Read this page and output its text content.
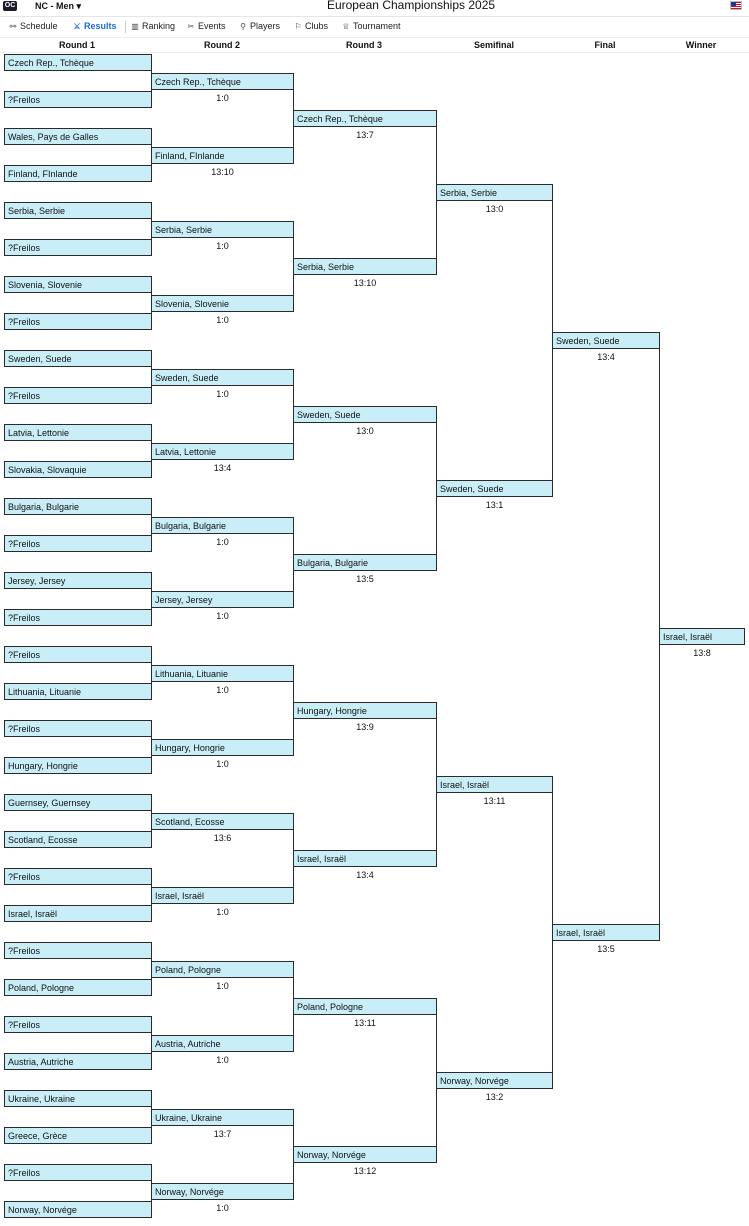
OC NC - Men ▾	European Championships 2025
⚯ Schedule ⚔ Results ▥ Ranking ✂ Events ⚲ Players ⚐ Clubs ♕ Tournament
Round 1	Round 2	Round 3	Semifinal	Final	Winner
Czech Rep., Tchèque
?Freilos
Wales, Pays de Galles
Finland, FInlande
Serbia, Serbie
?Freilos
Slovenia, Slovenie
?Freilos
Sweden, Suede
?Freilos
Latvia, Lettonie
Slovakia, Slovaquie
Bulgaria, Bulgarie
?Freilos
Jersey, Jersey
?Freilos
?Freilos
Lithuania, Lituanie
?Freilos
Hungary, Hongrie
Guernsey, Guernsey
Scotland, Ecosse
?Freilos
Israel, Israël
?Freilos
Poland, Pologne
?Freilos
Austria, Autriche
Ukraine, Ukraine
Greece, Grèce
?Freilos
Norway, Norvége
Czech Rep., Tchèque
1:0
Finland, FInlande
13:10
Serbia, Serbie
1:0
Slovenia, Slovenie
1:0
Sweden, Suede
1:0
Latvia, Lettonie
13:4
Bulgaria, Bulgarie
1:0
Jersey, Jersey
1:0
Lithuania, Lituanie
1:0
Hungary, Hongrie
1:0
Scotland, Ecosse
13:6
Israel, Israël
1:0
Poland, Pologne
1:0
Austria, Autriche
1:0
Ukraine, Ukraine
13:7
Norway, Norvége
1:0
Czech Rep., Tchèque
13:7
Serbia, Serbie
13:10
Sweden, Suede
13:0
Bulgaria, Bulgarie
13:5
Hungary, Hongrie
13:9
Israel, Israël
13:4
Poland, Pologne
13:11
Norway, Norvége
13:12
Serbia, Serbie
13:0
Sweden, Suede
13:1
Israel, Israël
13:11
Norway, Norvége
13:2
Sweden, Suede
13:4
Israel, Israël
13:5
Israel, Israël
13:8
